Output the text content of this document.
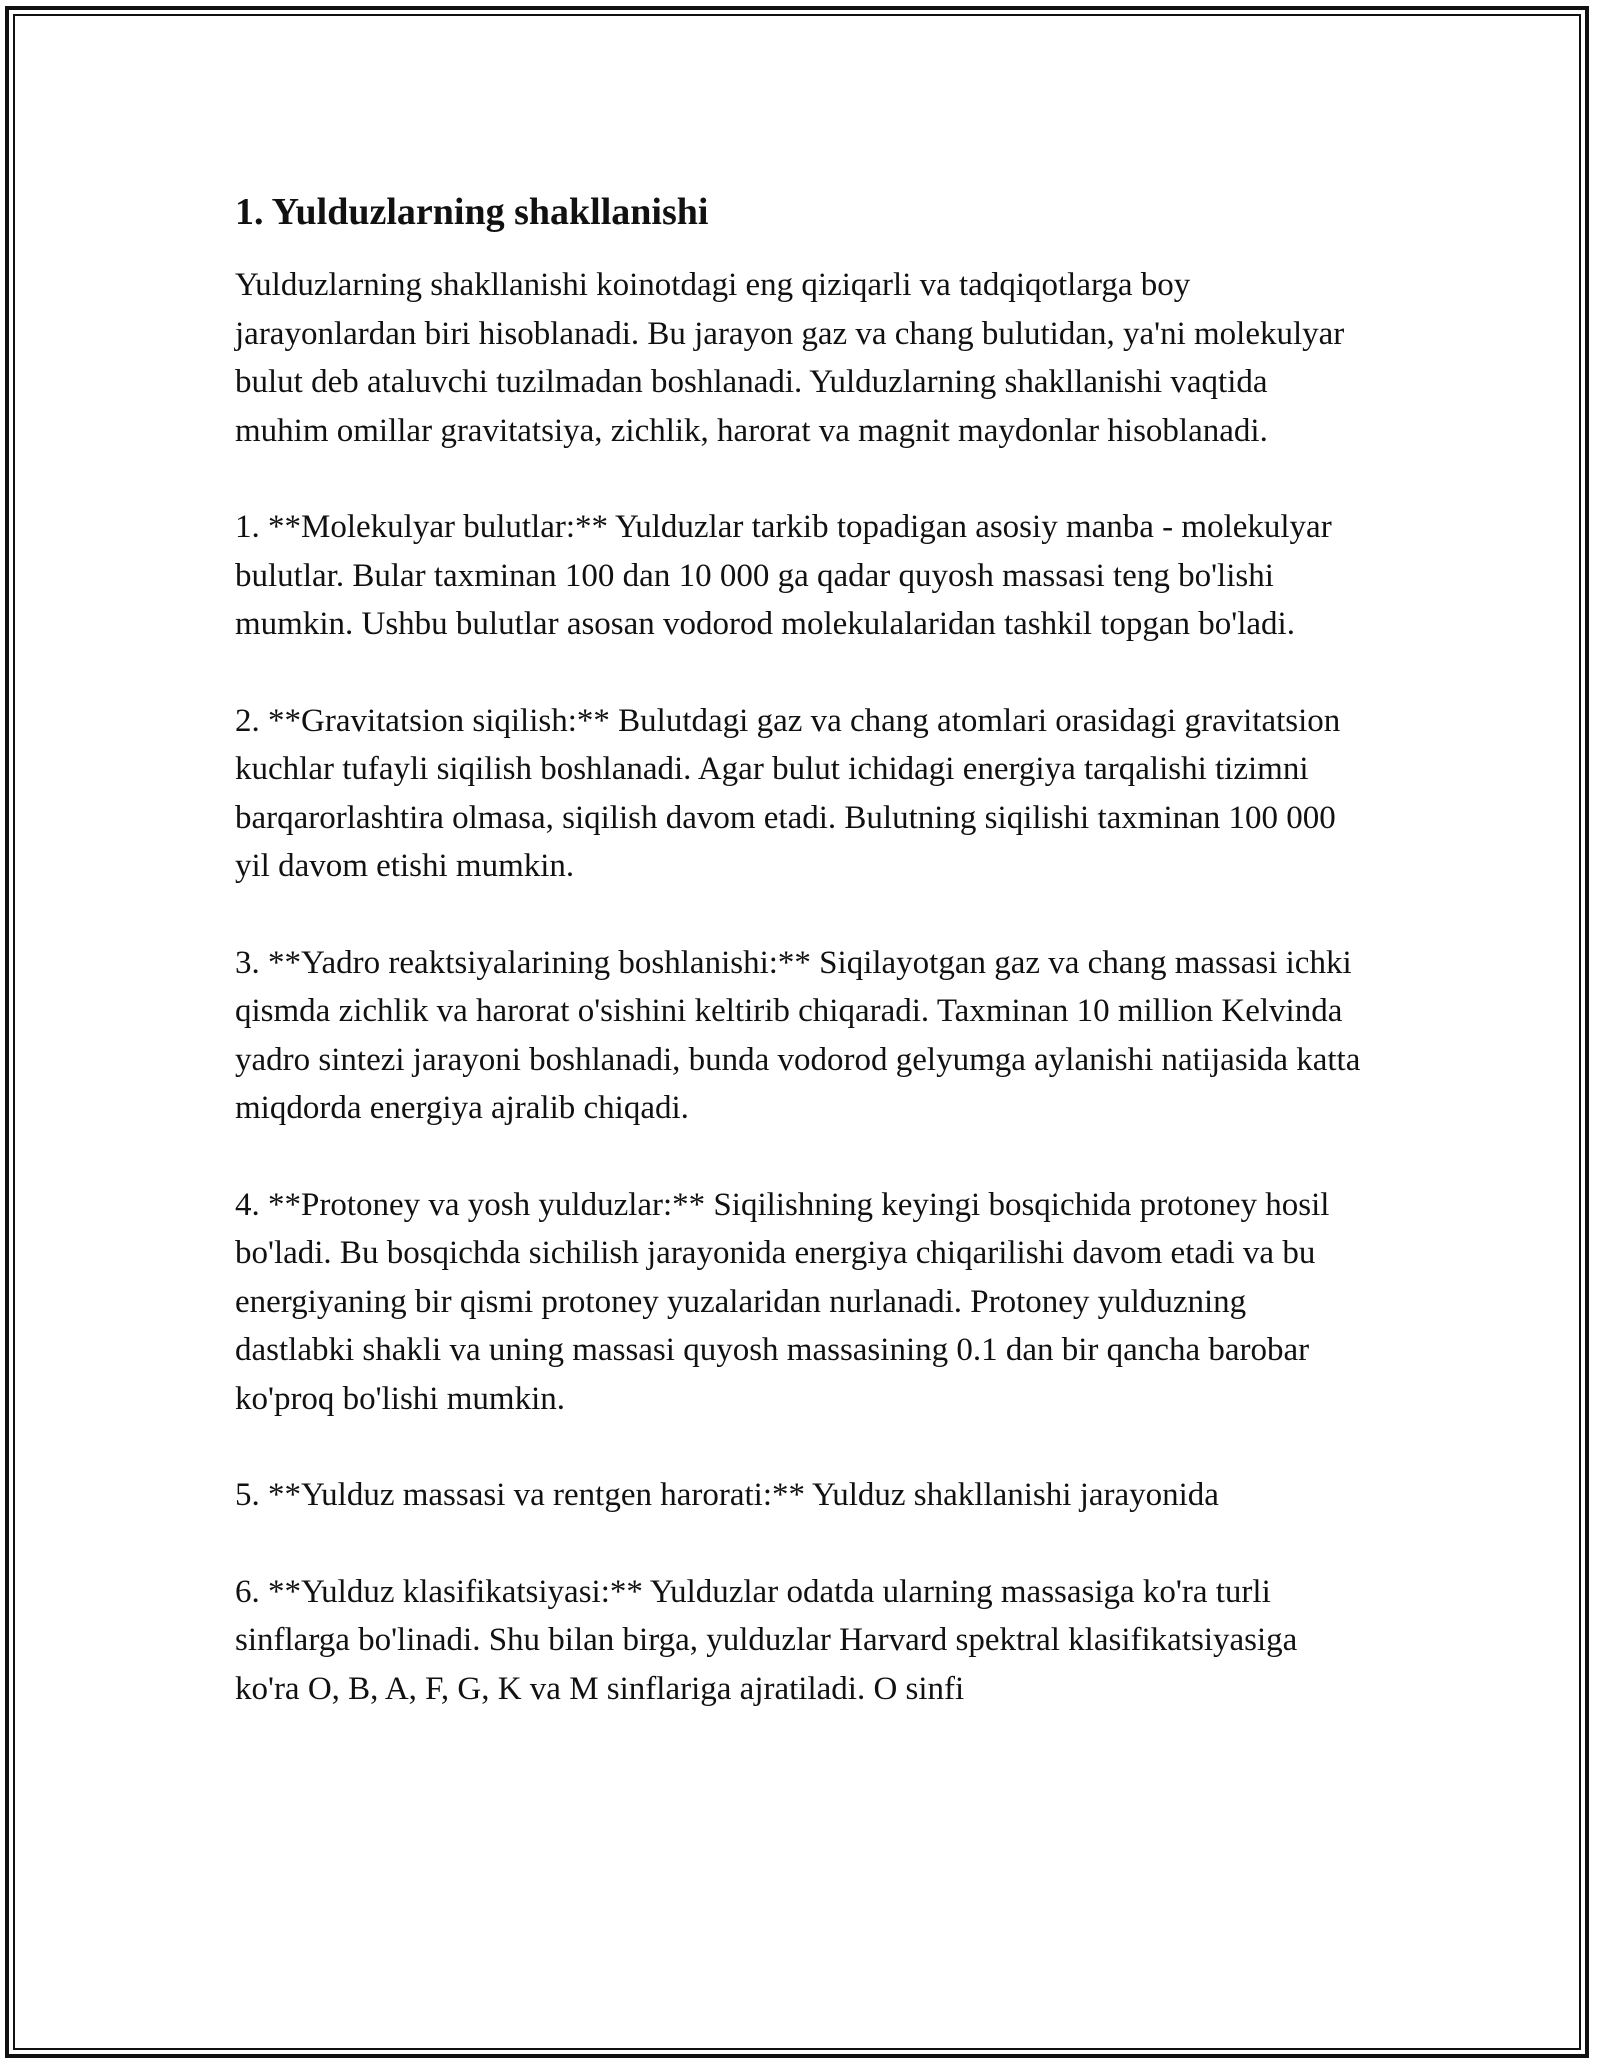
1. Yulduzlarning shakllanishi

Yulduzlarning shakllanishi koinotdagi eng qiziqarli va tadqiqotlarga boy jarayonlardan biri hisoblanadi. Bu jarayon gaz va chang bulutidan, ya'ni molekulyar bulut deb ataluvchi tuzilmadan boshlanadi. Yulduzlarning shakllanishi vaqtida muhim omillar gravitatsiya, zichlik, harorat va magnit maydonlar hisoblanadi.

1. **Molekulyar bulutlar:** Yulduzlar tarkib topadigan asosiy manba - molekulyar bulutlar. Bular taxminan 100 dan 10 000 ga qadar quyosh massasi teng bo'lishi mumkin. Ushbu bulutlar asosan vodorod molekulalaridan tashkil topgan bo'ladi.

2. **Gravitatsion siqilish:** Bulutdagi gaz va chang atomlari orasidagi gravitatsion kuchlar tufayli siqilish boshlanadi. Agar bulut ichidagi energiya tarqalishi tizimni barqarorlashtira olmasa, siqilish davom etadi. Bulutning siqilishi taxminan 100 000 yil davom etishi mumkin.

3. **Yadro reaktsiyalarining boshlanishi:** Siqilayotgan gaz va chang massasi ichki qismda zichlik va harorat o'sishini keltirib chiqaradi. Taxminan 10 million Kelvinda yadro sintezi jarayoni boshlanadi, bunda vodorod gelyumga aylanishi natijasida katta miqdorda energiya ajralib chiqadi.

4. **Protoney va yosh yulduzlar:** Siqilishning keyingi bosqichida protoney hosil bo'ladi. Bu bosqichda sichilish jarayonida energiya chiqarilishi davom etadi va bu energiyaning bir qismi protoney yuzalaridan nurlanadi. Protoney yulduzning dastlabki shakli va uning massasi quyosh massasining 0.1 dan bir qancha barobar ko'proq bo'lishi mumkin.

5. **Yulduz massasi va rentgen harorati:** Yulduz shakllanishi jarayonida

6. **Yulduz klasifikatsiyasi:** Yulduzlar odatda ularning massasiga ko'ra turli sinflarga bo'linadi. Shu bilan birga, yulduzlar Harvard spektral klasifikatsiyasiga ko'ra O, B, A, F, G, K va M sinflariga ajratiladi. O sinfi
